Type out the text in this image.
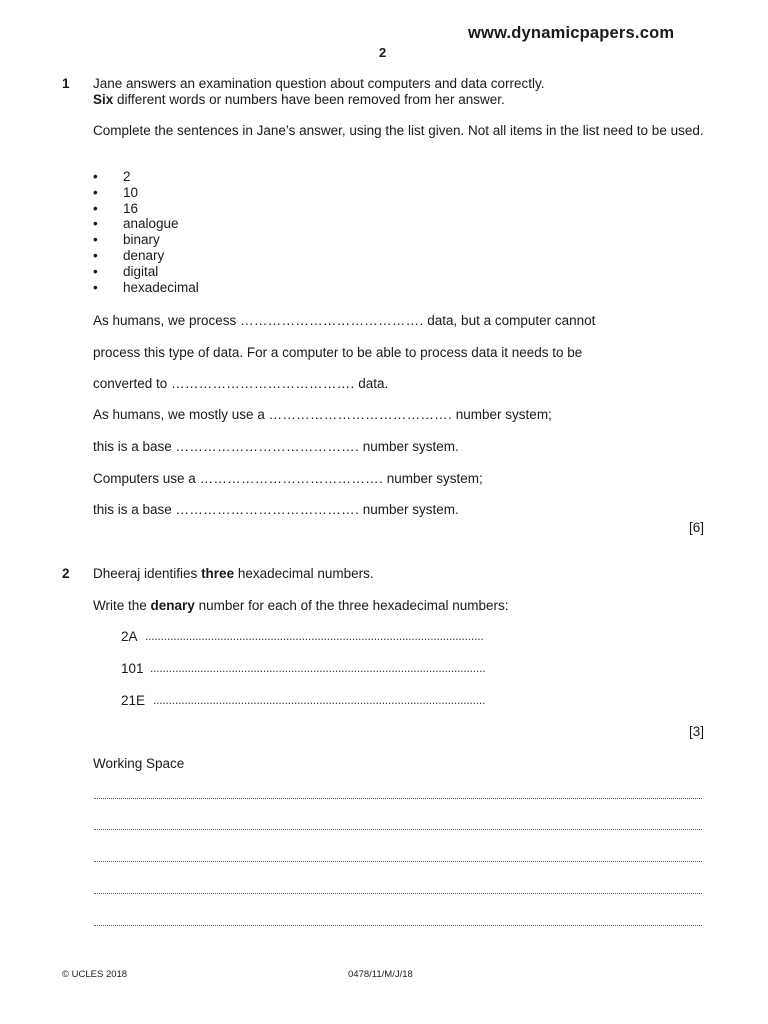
www.dynamicpapers.com
2
1 Jane answers an examination question about computers and data correctly.
Six different words or numbers have been removed from her answer.
Complete the sentences in Jane’s answer, using the list given. Not all items in the list need to be used.
• 2
• 10
• 16
• analogue
• binary
• denary
• digital
• hexadecimal
As humans, we process …………………………………. data, but a computer cannot
process this type of data. For a computer to be able to process data it needs to be
converted to …………………………………. data.
As humans, we mostly use a …………………………………. number system;
this is a base …………………………………. number system.
Computers use a …………………………………. number system;
this is a base …………………………………. number system.
[6]
2 Dheeraj identifies three hexadecimal numbers.
Write the denary number for each of the three hexadecimal numbers:
2A ............................................................................................................
101 ...........................................................................................................
21E ..........................................................................................................
[3]
Working Space
© UCLES 2018	0478/11/M/J/18
